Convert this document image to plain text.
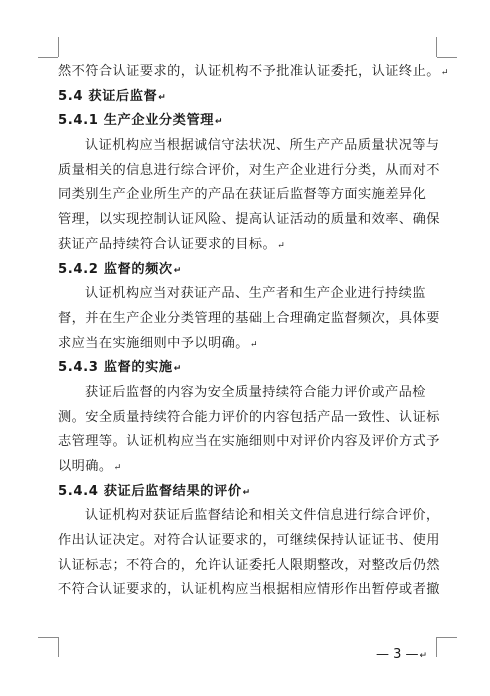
然不符合认证要求的，认证机构不予批准认证委托，认证终止。↵
5.4 获证后监督↵
5.4.1 生产企业分类管理↵
认证机构应当根据诚信守法状况、所生产产品质量状况等与
质量相关的信息进行综合评价，对生产企业进行分类，从而对不
同类别生产企业所生产的产品在获证后监督等方面实施差异化
管理，以实现控制认证风险、提高认证活动的质量和效率、确保
获证产品持续符合认证要求的目标。↵
5.4.2 监督的频次↵
认证机构应当对获证产品、生产者和生产企业进行持续监
督，并在生产企业分类管理的基础上合理确定监督频次，具体要
求应当在实施细则中予以明确。↵
5.4.3 监督的实施↵
获证后监督的内容为安全质量持续符合能力评价或产品检
测。安全质量持续符合能力评价的内容包括产品一致性、认证标
志管理等。认证机构应当在实施细则中对评价内容及评价方式予
以明确。↵
5.4.4 获证后监督结果的评价↵
认证机构对获证后监督结论和相关文件信息进行综合评价，
作出认证决定。对符合认证要求的，可继续保持认证证书、使用
认证标志；不符合的，允许认证委托人限期整改，对整改后仍然
不符合认证要求的，认证机构应当根据相应情形作出暂停或者撤
— 3 —↵
